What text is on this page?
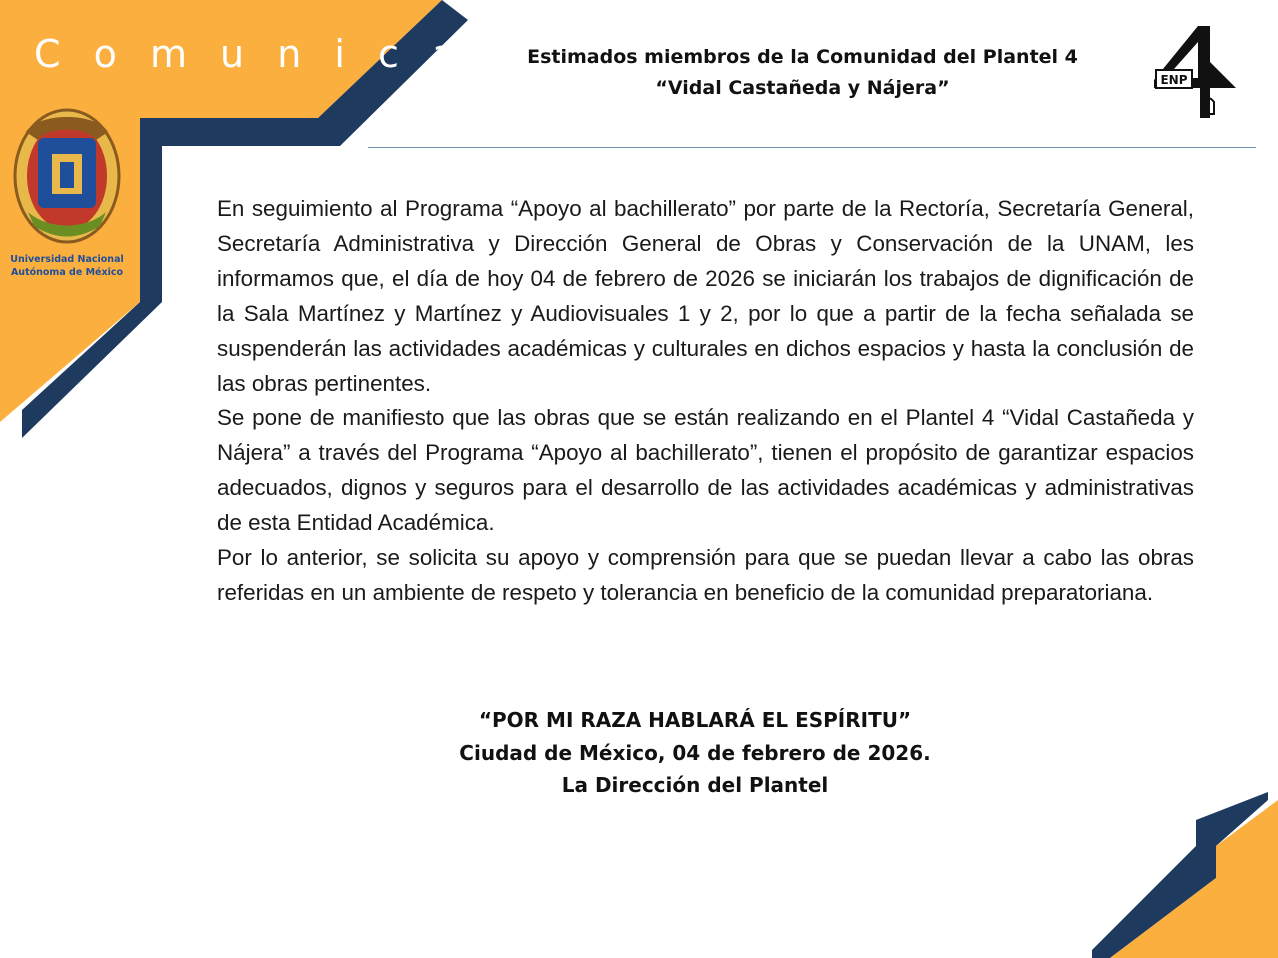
C o m u n i c a d o
Universidad Nacional
Autónoma de México
Estimados miembros de la Comunidad del Plantel 4
“Vidal Castañeda y Nájera”	ENP

En seguimiento al Programa “Apoyo al bachillerato” por parte de la Rectoría, Secretaría General, Secretaría Administrativa y Dirección General de Obras y Conservación de la UNAM, les informamos que, el día de hoy 04 de febrero de 2026 se iniciarán los trabajos de dignificación de la Sala Martínez y Martínez y Audiovisuales 1 y 2, por lo que a partir de la fecha señalada se suspenderán las actividades académicas y culturales en dichos espacios y hasta la conclusión de las obras pertinentes.

Se pone de manifiesto que las obras que se están realizando en el Plantel 4 “Vidal Castañeda y Nájera” a través del Programa “Apoyo al bachillerato”, tienen el propósito de garantizar espacios adecuados, dignos y seguros para el desarrollo de las actividades académicas y administrativas de esta Entidad Académica.

Por lo anterior, se solicita su apoyo y comprensión para que se puedan llevar a cabo las obras referidas en un ambiente de respeto y tolerancia en beneficio de la comunidad preparatoriana.

“POR MI RAZA HABLARÁ EL ESPÍRITU”
Ciudad de México, 04 de febrero de 2026.
La Dirección del Plantel
